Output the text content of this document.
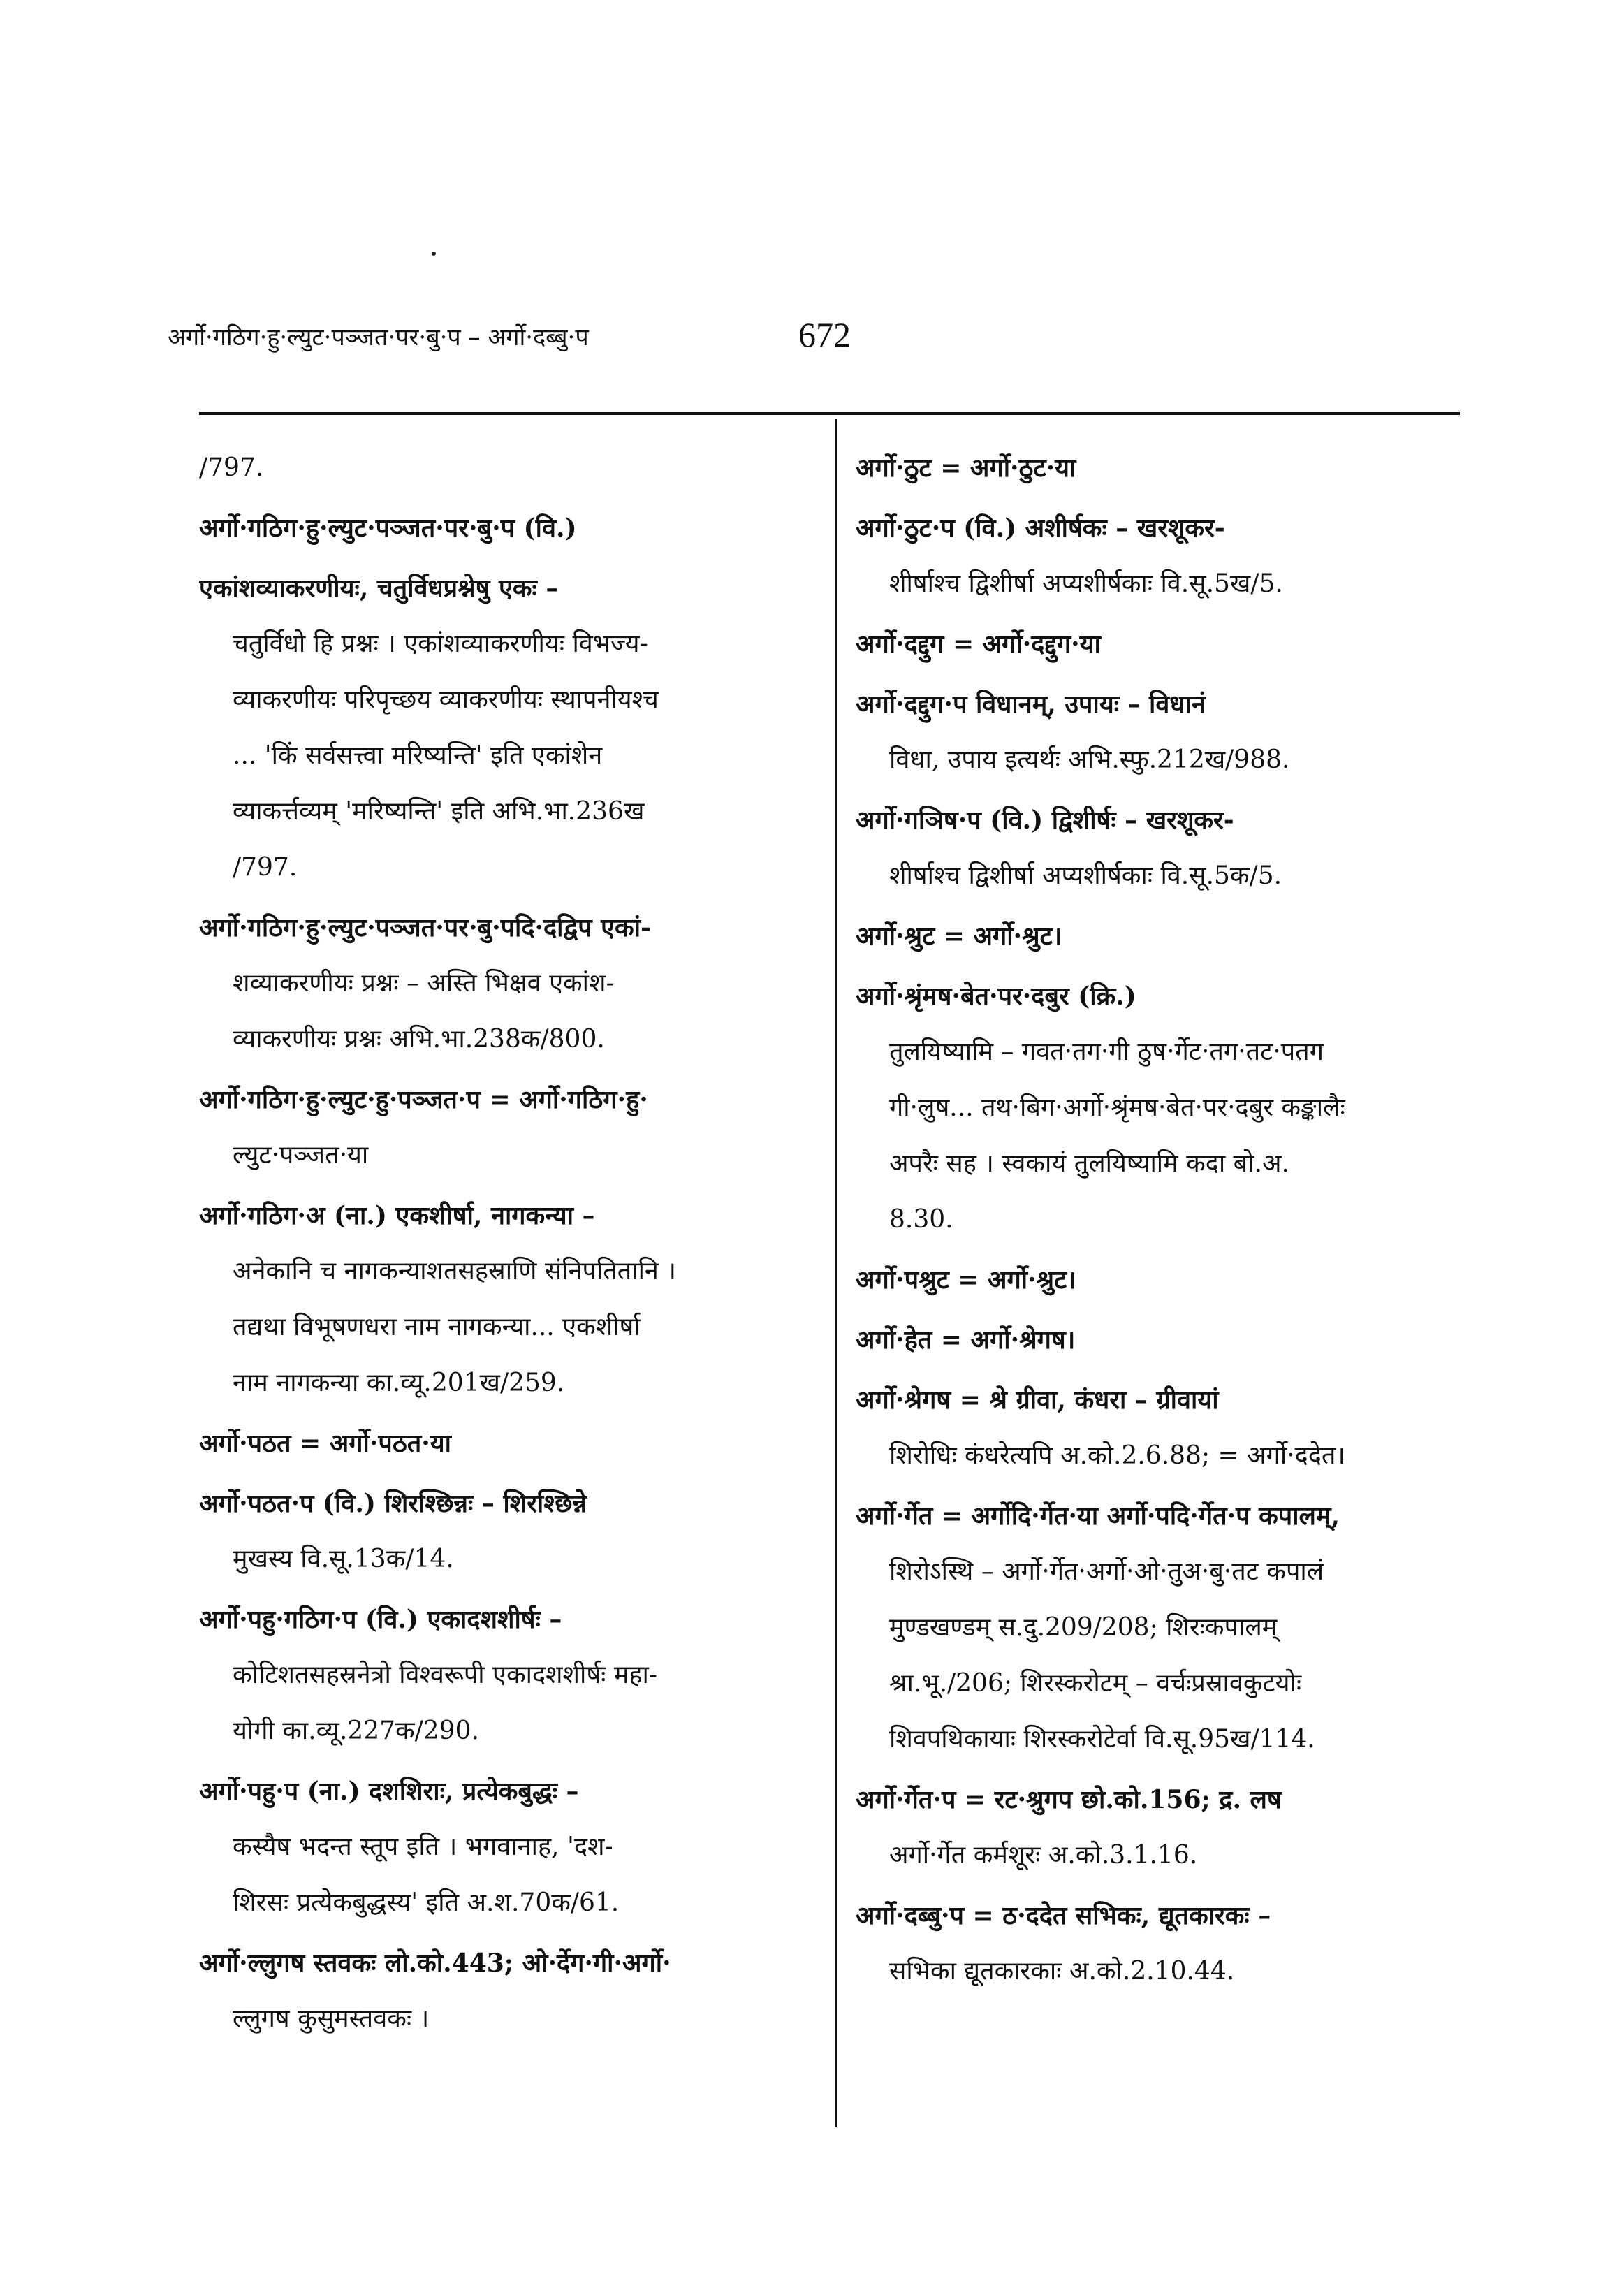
अर्गो·गठिग·हु·ल्युट·पञ्जत·पर·बु·प – अर्गो·दब्बु·प	672
/797.
अर्गो·गठिग·हु·ल्युट·पञ्जत·पर·बु·प (वि.)
एकांशव्याकरणीयः, चतुर्विधप्रश्नेषु एकः –
चतुर्विधो हि प्रश्नः । एकांशव्याकरणीयः विभज्य-
व्याकरणीयः परिपृच्छय व्याकरणीयः स्थापनीयश्च
... 'किं सर्वसत्त्वा मरिष्यन्ति' इति एकांशेन
व्याकर्त्तव्यम् 'मरिष्यन्ति' इति अभि.भा.236ख
/797.
अर्गो·गठिग·हु·ल्युट·पञ्जत·पर·बु·पदि·दद्विप एकां-
शव्याकरणीयः प्रश्नः – अस्ति भिक्षव एकांश-
व्याकरणीयः प्रश्नः अभि.भा.238क/800.
अर्गो·गठिग·हु·ल्युट·हु·पञ्जत·प = अर्गो·गठिग·हु·
ल्युट·पञ्जत·या
अर्गो·गठिग·अ (ना.) एकशीर्षा, नागकन्या –
अनेकानि च नागकन्याशतसहस्राणि संनिपतितानि ।
तद्यथा विभूषणधरा नाम नागकन्या... एकशीर्षा
नाम नागकन्या का.व्यू.201ख/259.
अर्गो·पठत = अर्गो·पठत·या
अर्गो·पठत·प (वि.) शिरश्छिन्नः – शिरश्छिन्ने
मुखस्य वि.सू.13क/14.
अर्गो·पहु·गठिग·प (वि.) एकादशशीर्षः –
कोटिशतसहस्रनेत्रो विश्वरूपी एकादशशीर्षः महा-
योगी का.व्यू.227क/290.
अर्गो·पहु·प (ना.) दशशिराः, प्रत्येकबुद्धः –
कस्यैष भदन्त स्तूप इति । भगवानाह, 'दश-
शिरसः प्रत्येकबुद्धस्य' इति अ.श.70क/61.
अर्गो·ल्लुगष स्तवकः लो.को.443; ओ·र्देग·गी·अर्गो·
ल्लुगष कुसुमस्तवकः ।
अर्गो·ठुट = अर्गो·ठुट·या
अर्गो·ठुट·प (वि.) अशीर्षकः – खरशूकर-
शीर्षाश्च द्विशीर्षा अप्यशीर्षकाः वि.सू.5ख/5.
अर्गो·दद्दुग = अर्गो·दद्दुग·या
अर्गो·दद्दुग·प विधानम्, उपायः – विधानं
विधा, उपाय इत्यर्थः अभि.स्फु.212ख/988.
अर्गो·गञिष·प (वि.) द्विशीर्षः – खरशूकर-
शीर्षाश्च द्विशीर्षा अप्यशीर्षकाः वि.सू.5क/5.
अर्गो·श्रुट = अर्गो·श्रुट।
अर्गो·श्रृंमष·बेत·पर·दबुर (क्रि.)
तुलयिष्यामि – गवत·तग·गी ठुष·र्गेट·तग·तट·पतग
गी·लुष... तथ·बिग·अर्गो·श्रृंमष·बेत·पर·दबुर कङ्कालैः
अपरैः सह । स्वकायं तुलयिष्यामि कदा बो.अ.
8.30.
अर्गो·पश्रुट = अर्गो·श्रुट।
अर्गो·हेत = अर्गो·श्रेगष।
अर्गो·श्रेगष = श्रे ग्रीवा, कंधरा – ग्रीवायां
शिरोधिः कंधरेत्यपि अ.को.2.6.88; = अर्गो·ददेत।
अर्गो·र्गेत = अर्गोदि·र्गेत·या अर्गो·पदि·र्गेत·प कपालम्,
शिरोऽस्थि – अर्गो·र्गेत·अर्गो·ओ·तुअ·बु·तट कपालं
मुण्डखण्डम् स.दु.209/208; शिरःकपालम्
श्रा.भू./206; शिरस्करोटम् – वर्चःप्रस्रावकुटयोः
शिवपथिकायाः शिरस्करोटेर्वा वि.सू.95ख/114.
अर्गो·र्गेत·प = रट·श्रुगप छो.को.156; द्र. लष
अर्गो·र्गेत कर्मशूरः अ.को.3.1.16.
अर्गो·दब्बु·प = ठ·ददेत सभिकः, द्यूतकारकः –
सभिका द्यूतकारकाः अ.को.2.10.44.
